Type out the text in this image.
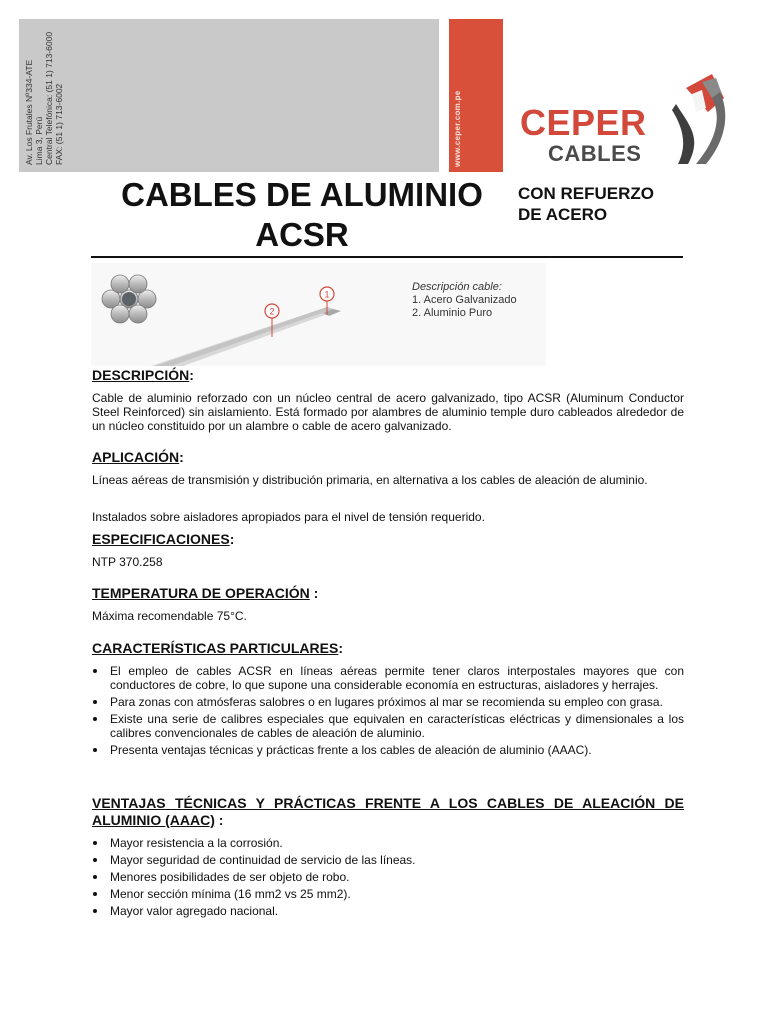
Av. Los Frutales Nº334-ATE Lima 3, Perú Central Telefónica: (51 1) 713-6000 FAX: (51 1) 713-6002	www.ceper.com.pe CEPER
CABLES
CABLES DE ALUMINIO
ACSR
CON REFUERZO
DE ACERO
2
1
Descripción cable:
1. Acero Galvanizado
2. Aluminio Puro
DESCRIPCIÓN:
Cable de aluminio reforzado con un núcleo central de acero galvanizado, tipo ACSR (Aluminum Conductor Steel Reinforced) sin aislamiento. Está formado por alambres de aluminio temple duro cableados alrededor de un núcleo constituido por un alambre o cable de acero galvanizado.
APLICACIÓN:
Líneas aéreas de transmisión y distribución primaria, en alternativa a los cables de aleación de aluminio.
Instalados sobre aisladores apropiados para el nivel de tensión requerido.
ESPECIFICACIONES:
NTP 370.258
TEMPERATURA DE OPERACIÓN :
Máxima recomendable 75°C.
CARACTERÍSTICAS PARTICULARES:
El empleo de cables ACSR en líneas aéreas permite tener claros interpostales mayores que con conductores de cobre, lo que supone una considerable economía en estructuras, aisladores y herrajes.
Para zonas con atmósferas salobres o en lugares próximos al mar se recomienda su empleo con grasa.
Existe una serie de calibres especiales que equivalen en características eléctricas y dimensionales a los calibres convencionales de cables de aleación de aluminio.
Presenta ventajas técnicas y prácticas frente a los cables de aleación de aluminio (AAAC).
VENTAJAS TÉCNICAS Y PRÁCTICAS FRENTE A LOS CABLES DE ALEACIÓN DE
ALUMINIO (AAAC) :
Mayor resistencia a la corrosión.
Mayor seguridad de continuidad de servicio de las líneas.
Menores posibilidades de ser objeto de robo.
Menor sección mínima (16 mm2 vs 25 mm2).
Mayor valor agregado nacional.
